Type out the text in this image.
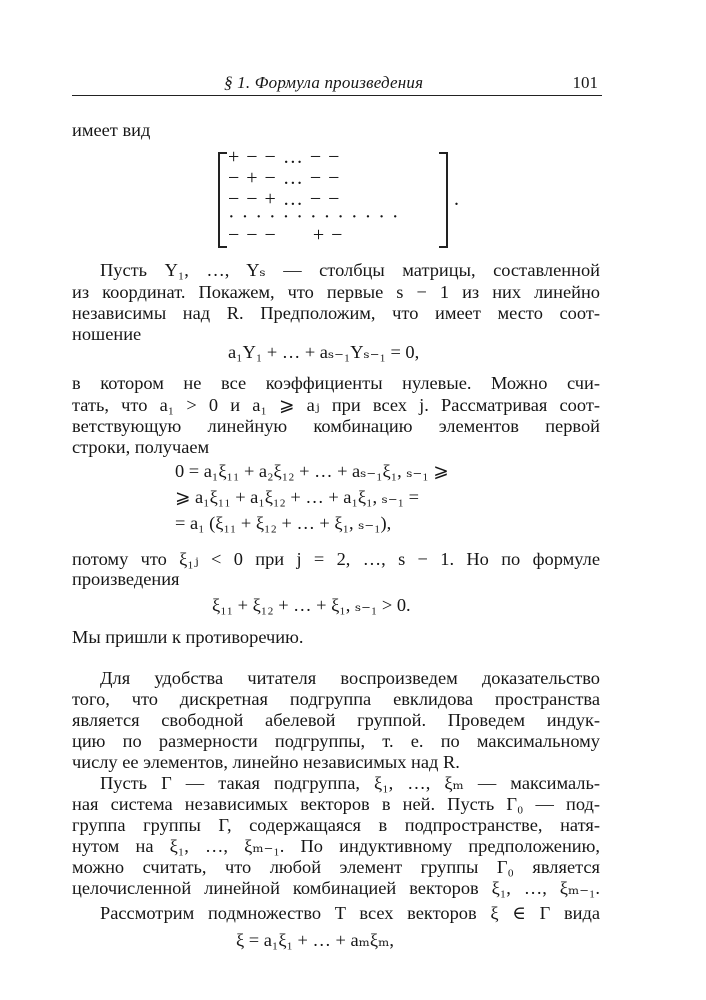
§ 1. Формула произведения	101
имеет вид
+ − − … − −
− + − … − −
− − + … − −
· · · · · · · · · · · · ·
− − −      + −
.
Пусть Y₁, …, Yₛ — столбцы матрицы, составленной
из координат. Покажем, что первые s − 1 из них линейно
независимы над R. Предположим, что имеет место соот-
ношение
a₁Y₁ + … + aₛ₋₁Yₛ₋₁ = 0,
в котором не все коэффициенты нулевые. Можно счи-
тать, что a₁ > 0 и a₁ ⩾ aⱼ при всех j. Рассматривая соот-
ветствующую линейную комбинацию элементов первой
строки, получаем
0 = a₁ξ₁₁ + a₂ξ₁₂ + … + aₛ₋₁ξ₁, ₛ₋₁ ⩾
⩾ a₁ξ₁₁ + a₁ξ₁₂ + … + a₁ξ₁, ₛ₋₁ =
= a₁ (ξ₁₁ + ξ₁₂ + … + ξ₁, ₛ₋₁),
потому что ξ₁ⱼ < 0 при j = 2, …, s − 1. Но по формуле
произведения
ξ₁₁ + ξ₁₂ + … + ξ₁, ₛ₋₁ > 0.
Мы пришли к противоречию.
Для удобства читателя воспроизведем доказательство
того, что дискретная подгруппа евклидова пространства
является свободной абелевой группой. Проведем индук-
цию по размерности подгруппы, т. е. по максимальному
числу ее элементов, линейно независимых над R.
Пусть Г — такая подгруппа, ξ₁, …, ξₘ — максималь-
ная система независимых векторов в ней. Пусть Г₀ — под-
группа группы Г, содержащаяся в подпространстве, натя-
нутом на ξ₁, …, ξₘ₋₁. По индуктивному предположению,
можно считать, что любой элемент группы Г₀ является
целочисленной линейной комбинацией векторов ξ₁, …, ξₘ₋₁.
Рассмотрим подмножество T всех векторов ξ ∈ Г вида
ξ = a₁ξ₁ + … + aₘξₘ,
